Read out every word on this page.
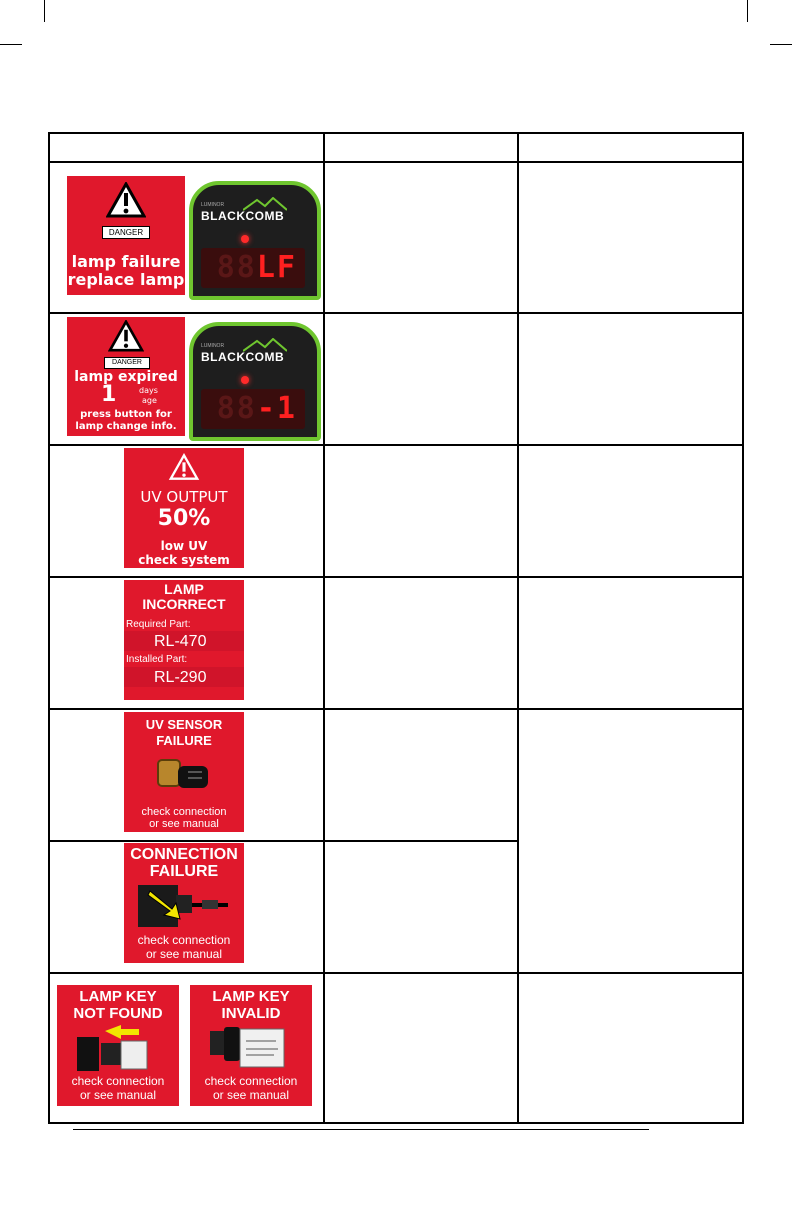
DANGER
lamp failure
replace lamp
LUMINOR
BLACKCOMB
88LF
DANGER
lamp expired
1	days
age
press button for
lamp change info.
LUMINOR
BLACKCOMB
88-1
UV OUTPUT
50%
low UV
check system
LAMP
INCORRECT
Required Part:
RL-470
Installed Part:
RL-290
UV SENSOR
FAILURE
check connection
or see manual
CONNECTION
FAILURE
check connection
or see manual
LAMP KEY
NOT FOUND
check connection
or see manual
LAMP KEY
INVALID
check connection
or see manual
